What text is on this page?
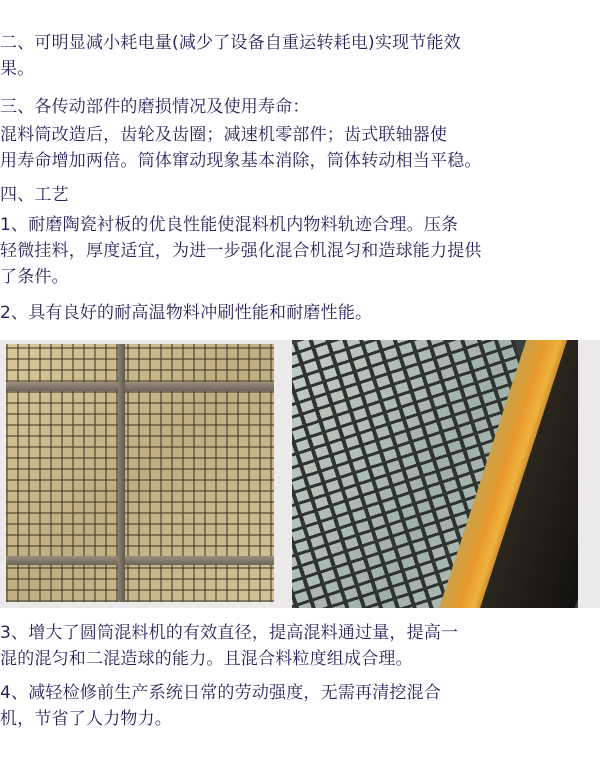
二、可明显减小耗电量(减少了设备自重运转耗电)实现节能效
果。
三、各传动部件的磨损情况及使用寿命：
混料筒改造后，齿轮及齿圈；减速机零部件；齿式联轴器使
用寿命增加两倍。筒体窜动现象基本消除，筒体转动相当平稳。
四、工艺
1、耐磨陶瓷衬板的优良性能使混料机内物料轨迹合理。压条
轻微挂料，厚度适宜，为进一步强化混合机混匀和造球能力提供
了条件。
2、具有良好的耐高温物料冲刷性能和耐磨性能。
3、增大了圆筒混料机的有效直径，提高混料通过量，提高一
混的混匀和二混造球的能力。且混合料粒度组成合理。
4、减轻检修前生产系统日常的劳动强度，无需再清挖混合
机，节省了人力物力。
